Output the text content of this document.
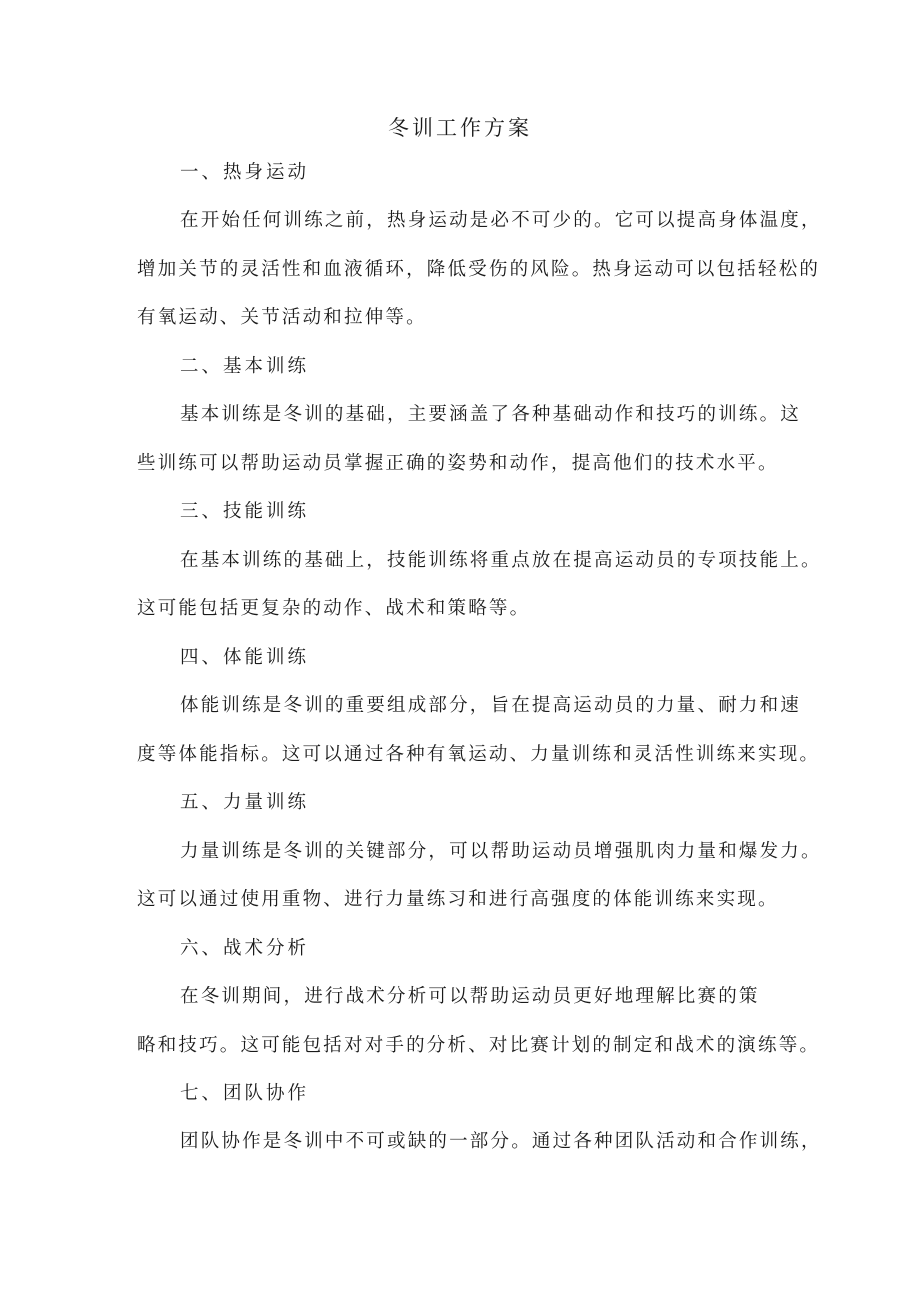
冬训工作方案
一、热身运动
在开始任何训练之前，热身运动是必不可少的。它可以提高身体温度，
增加关节的灵活性和血液循环，降低受伤的风险。热身运动可以包括轻松的
有氧运动、关节活动和拉伸等。
二、基本训练
基本训练是冬训的基础，主要涵盖了各种基础动作和技巧的训练。这
些训练可以帮助运动员掌握正确的姿势和动作，提高他们的技术水平。
三、技能训练
在基本训练的基础上，技能训练将重点放在提高运动员的专项技能上。
这可能包括更复杂的动作、战术和策略等。
四、体能训练
体能训练是冬训的重要组成部分，旨在提高运动员的力量、耐力和速
度等体能指标。这可以通过各种有氧运动、力量训练和灵活性训练来实现。
五、力量训练
力量训练是冬训的关键部分，可以帮助运动员增强肌肉力量和爆发力。
这可以通过使用重物、进行力量练习和进行高强度的体能训练来实现。
六、战术分析
在冬训期间，进行战术分析可以帮助运动员更好地理解比赛的策
略和技巧。这可能包括对对手的分析、对比赛计划的制定和战术的演练等。
七、团队协作
团队协作是冬训中不可或缺的一部分。通过各种团队活动和合作训练，
